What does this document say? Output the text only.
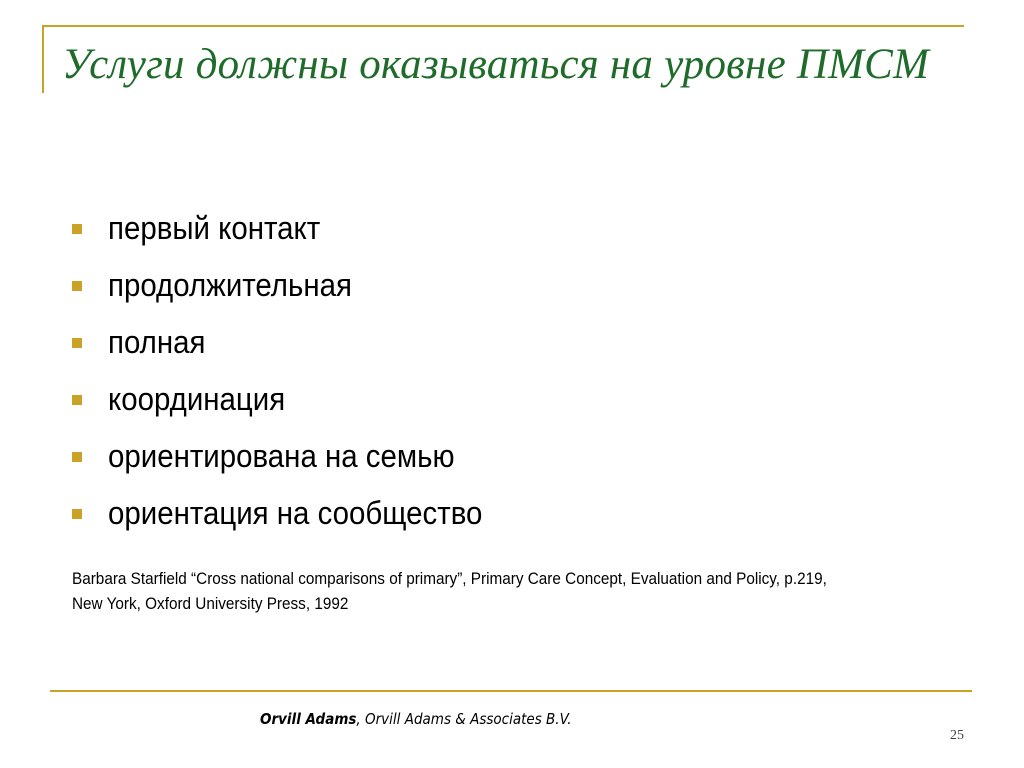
Услуги должны оказываться на уровне ПМСМ
первый контакт
продолжительная
полная
координация
ориентирована на семью
ориентация на сообщество
Barbara Starfield “Cross national comparisons of primary”, Primary Care Concept, Evaluation and Policy, p.219,
New York, Oxford University Press, 1992
Orvill Adams, Orvill Adams & Associates B.V.
25
